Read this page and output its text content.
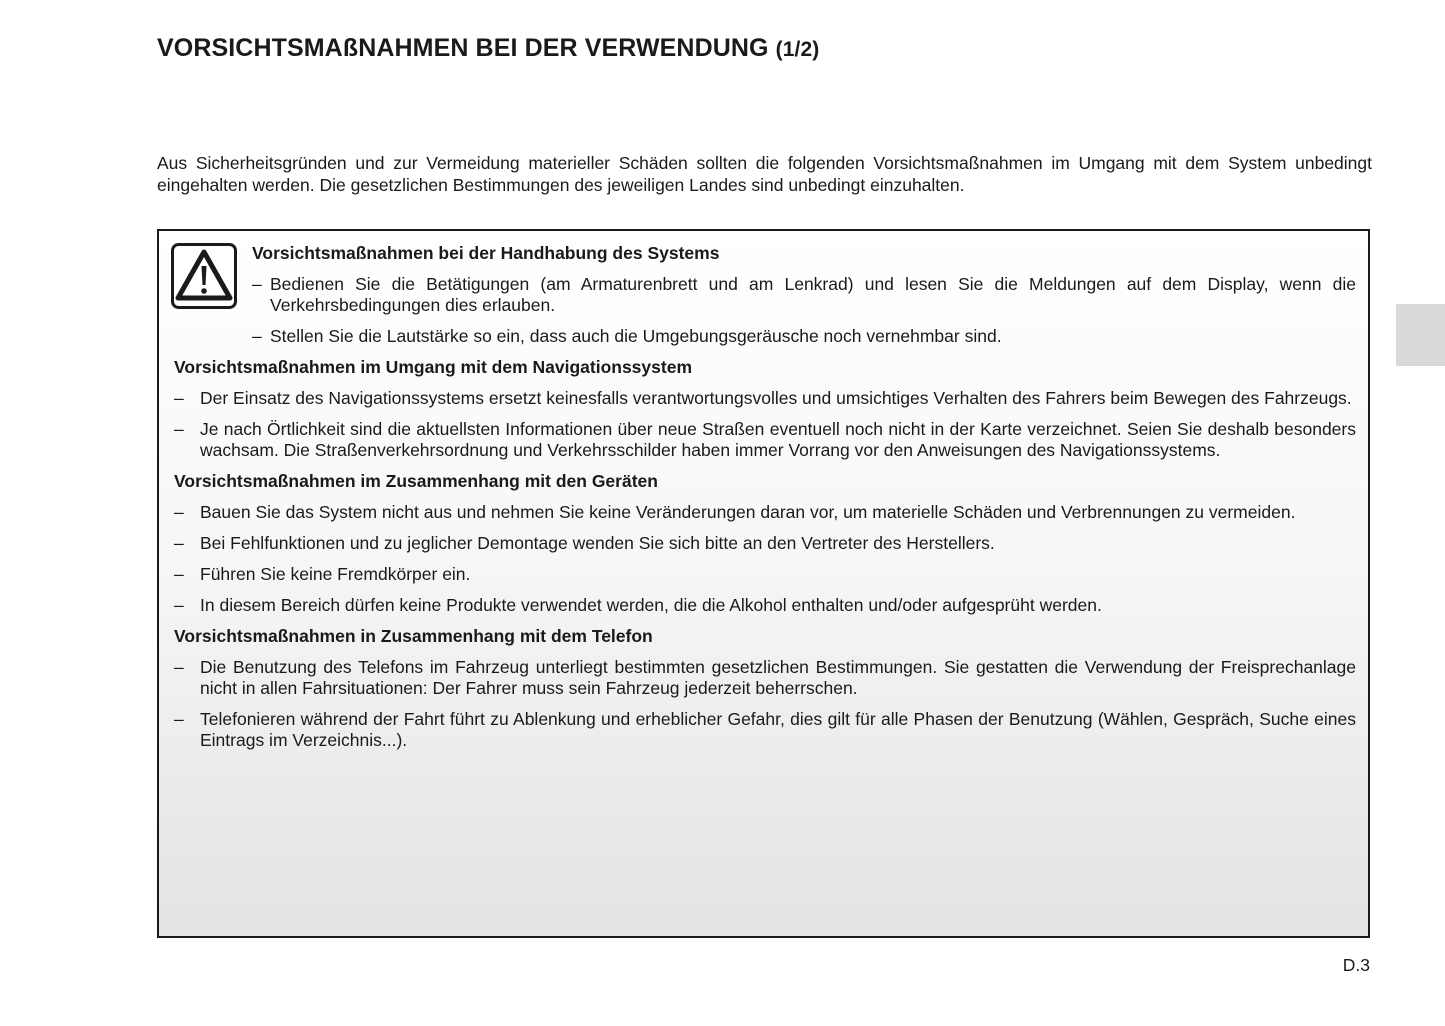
VORSICHTSMAßNAHMEN BEI DER VERWENDUNG (1/2)

Aus Sicherheitsgründen und zur Vermeidung materieller Schäden sollten die folgenden Vorsichtsmaßnahmen im Umgang mit dem System unbedingt eingehalten werden. Die gesetzlichen Bestimmungen des jeweiligen Landes sind unbedingt einzuhalten.

Vorsichtsmaßnahmen bei der Handhabung des Systems
– Bedienen Sie die Betätigungen (am Armaturenbrett und am Lenkrad) und lesen Sie die Meldungen auf dem Display, wenn die Verkehrsbedingungen dies erlauben.
– Stellen Sie die Lautstärke so ein, dass auch die Umgebungsgeräusche noch vernehmbar sind.
Vorsichtsmaßnahmen im Umgang mit dem Navigationssystem
– Der Einsatz des Navigationssystems ersetzt keinesfalls verantwortungsvolles und umsichtiges Verhalten des Fahrers beim Bewegen des Fahrzeugs.
– Je nach Örtlichkeit sind die aktuellsten Informationen über neue Straßen eventuell noch nicht in der Karte verzeichnet. Seien Sie deshalb besonders wachsam. Die Straßenverkehrsordnung und Verkehrsschilder haben immer Vorrang vor den Anweisungen des Navigationssystems.
Vorsichtsmaßnahmen im Zusammenhang mit den Geräten
– Bauen Sie das System nicht aus und nehmen Sie keine Veränderungen daran vor, um materielle Schäden und Verbrennungen zu vermeiden.
– Bei Fehlfunktionen und zu jeglicher Demontage wenden Sie sich bitte an den Vertreter des Herstellers.
– Führen Sie keine Fremdkörper ein.
– In diesem Bereich dürfen keine Produkte verwendet werden, die die Alkohol enthalten und/oder aufgesprüht werden.
Vorsichtsmaßnahmen in Zusammenhang mit dem Telefon
– Die Benutzung des Telefons im Fahrzeug unterliegt bestimmten gesetzlichen Bestimmungen. Sie gestatten die Verwendung der Freisprechanlage nicht in allen Fahrsituationen: Der Fahrer muss sein Fahrzeug jederzeit beherrschen.
– Telefonieren während der Fahrt führt zu Ablenkung und erheblicher Gefahr, dies gilt für alle Phasen der Benutzung (Wählen, Gespräch, Suche eines Eintrags im Verzeichnis...).
D.3
